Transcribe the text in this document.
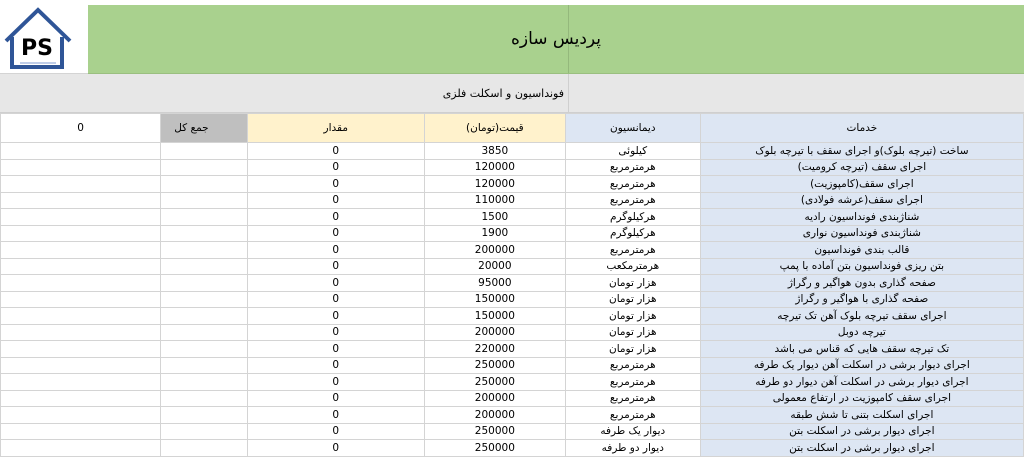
PS	پردیس سازه
فونداسیون و اسکلت فلزی
0	جمع کل	مقدار	قیمت(تومان)	دیمانسیون	خدمات
		0	3850	کیلوئی	ساخت (تیرچه بلوک)و اجرای سقف با تیرچه بلوک
		0	120000	هرمترمربع	اجرای سقف (تیرچه کرومیت)
		0	120000	هرمترمربع	اجرای سقف(کامپوزیت)
		0	110000	هرمترمربع	اجرای سقف(عرشه فولادی)
		0	1500	هرکیلوگرم	شناژبندی فونداسیون رادیه
		0	1900	هرکیلوگرم	شناژبندی فونداسیون نواری
		0	200000	هرمترمربع	قالب بندی فونداسیون
		0	20000	هرمترمکعب	بتن ریزی فونداسیون بتن آماده با پمپ
		0	95000	هزار تومان	صفحه گذاری بدون هواگیر و رگراژ
		0	150000	هزار تومان	صفحه گذاری با هواگیر و رگراژ
		0	150000	هزار تومان	اجرای سقف تیرچه بلوک آهن تک تیرچه
		0	200000	هزار تومان	تیرچه دوبل
		0	220000	هزار تومان	تک تیرچه سقف هایی که قناس می باشد
		0	250000	هرمترمربع	اجرای دیوار برشی در اسکلت آهن دیوار یک طرفه
		0	250000	هرمترمربع	اجرای دیوار برشی در اسکلت آهن دیوار دو طرفه
		0	200000	هرمترمربع	اجرای سقف کامپوزیت در ارتفاع معمولی
		0	200000	هرمترمربع	اجرای اسکلت بتنی تا شش طبقه
		0	250000	دیوار یک طرفه	اجرای دیوار برشی در اسکلت بتن
		0	250000	دیوار دو طرفه	اجرای دیوار برشی در اسکلت بتن
